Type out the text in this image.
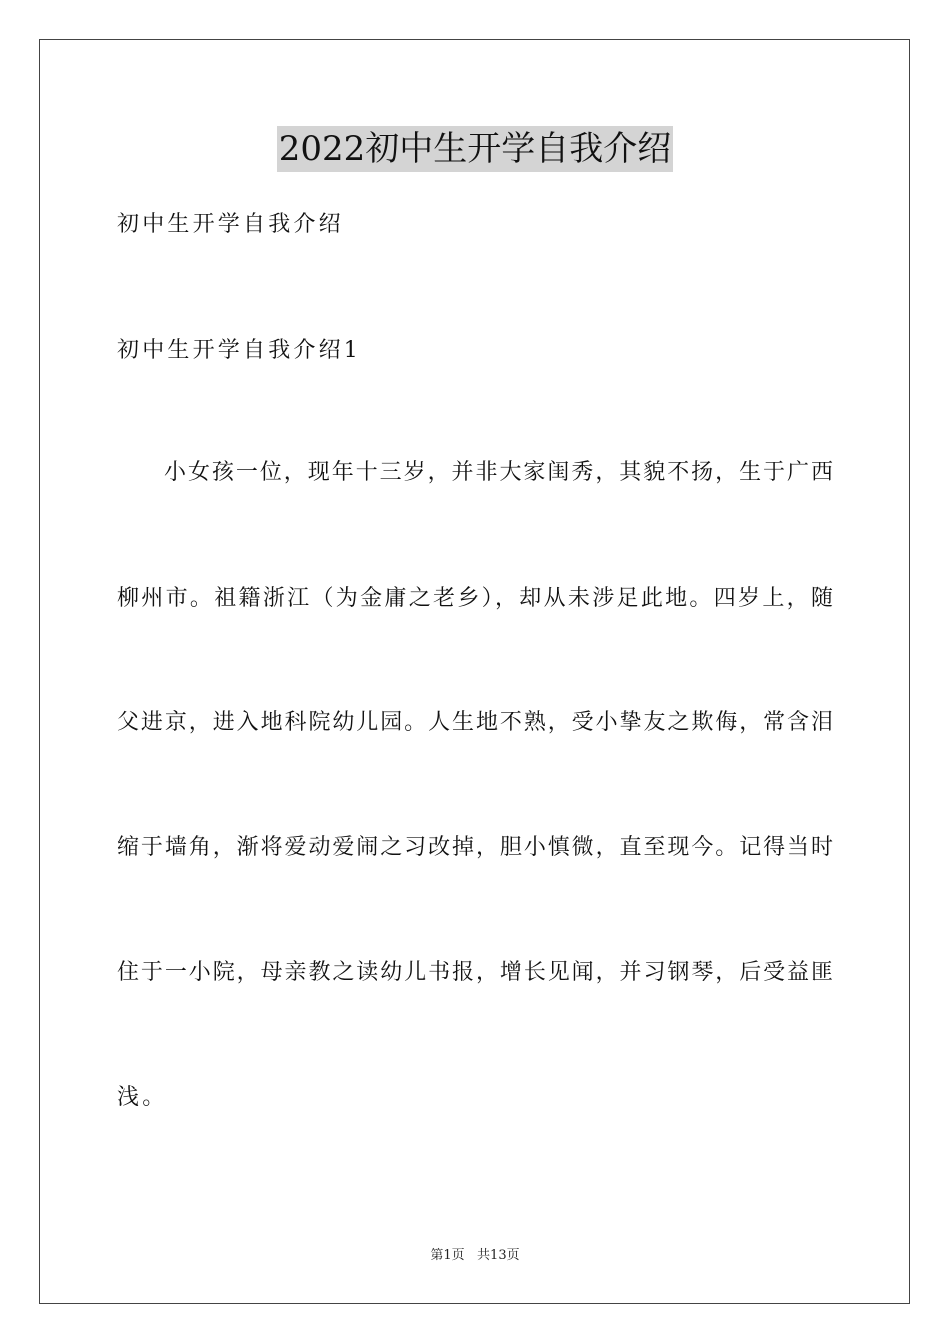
2022初中生开学自我介绍
初中生开学自我介绍
初中生开学自我介绍1
小女孩一位，现年十三岁，并非大家闺秀，其貌不扬，生于广西
柳州市。祖籍浙江（为金庸之老乡），却从未涉足此地。四岁上，随
父进京，进入地科院幼儿园。人生地不熟，受小挚友之欺侮，常含泪
缩于墙角，渐将爱动爱闹之习改掉，胆小慎微，直至现今。记得当时
住于一小院，母亲教之读幼儿书报，增长见闻，并习钢琴，后受益匪
浅。
第1页   共13页
